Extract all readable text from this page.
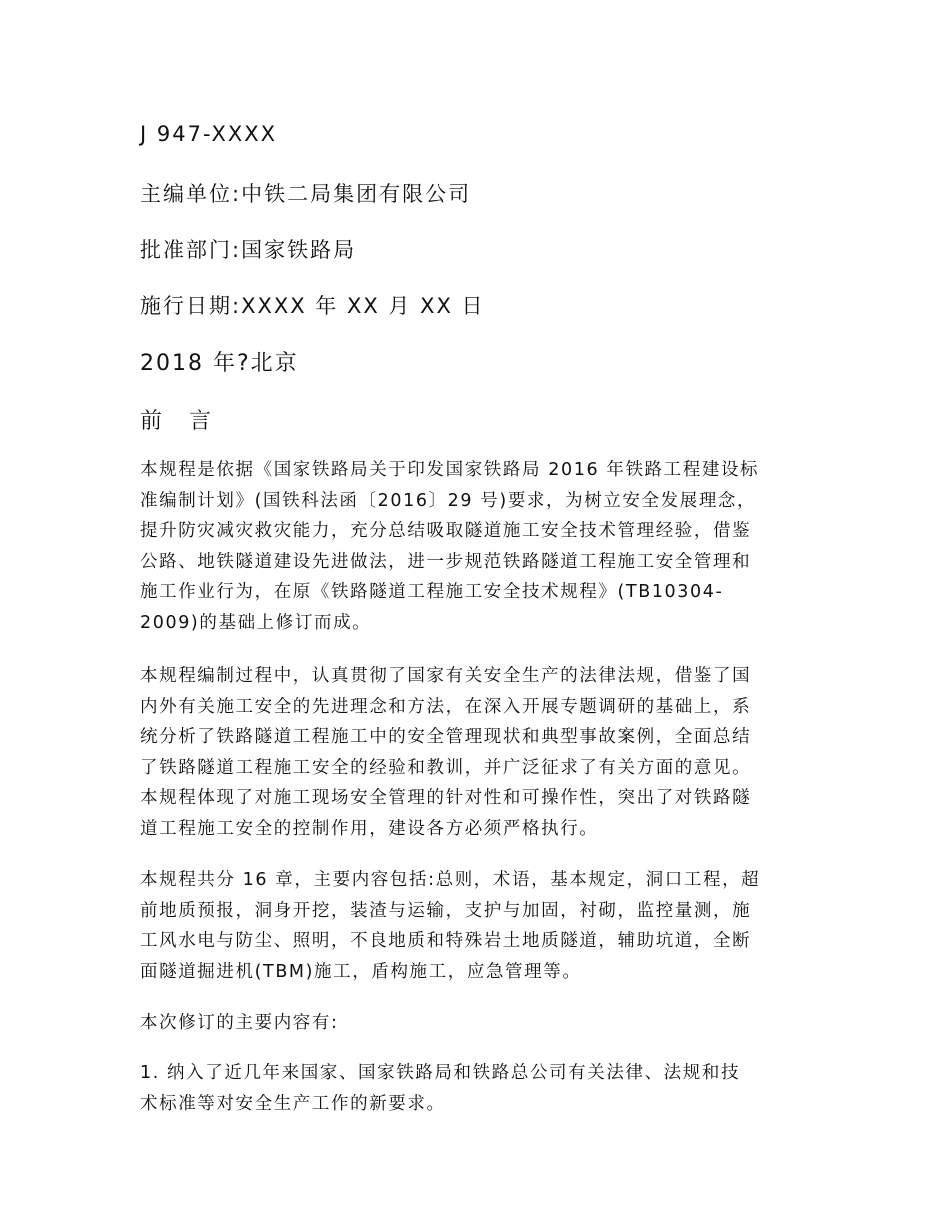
J 947-XXXX
主编单位:中铁二局集团有限公司
批准部门:国家铁路局
施行日期:XXXX 年 XX 月 XX 日
2018 年?北京
前 言
本规程是依据《国家铁路局关于印发国家铁路局 2016 年铁路工程建设标
准编制计划》(国铁科法函〔2016〕29 号)要求，为树立安全发展理念，
提升防灾减灾救灾能力，充分总结吸取隧道施工安全技术管理经验，借鉴
公路、地铁隧道建设先进做法，进一步规范铁路隧道工程施工安全管理和
施工作业行为，在原《铁路隧道工程施工安全技术规程》(TB10304-
2009)的基础上修订而成。
本规程编制过程中，认真贯彻了国家有关安全生产的法律法规，借鉴了国
内外有关施工安全的先进理念和方法，在深入开展专题调研的基础上，系
统分析了铁路隧道工程施工中的安全管理现状和典型事故案例，全面总结
了铁路隧道工程施工安全的经验和教训，并广泛征求了有关方面的意见。
本规程体现了对施工现场安全管理的针对性和可操作性，突出了对铁路隧
道工程施工安全的控制作用，建设各方必须严格执行。
本规程共分 16 章，主要内容包括:总则，术语，基本规定，洞口工程，超
前地质预报，洞身开挖，装渣与运输，支护与加固，衬砌，监控量测，施
工风水电与防尘、照明，不良地质和特殊岩土地质隧道，辅助坑道，全断
面隧道掘进机(TBM)施工，盾构施工，应急管理等。
本次修订的主要内容有:
1. 纳入了近几年来国家、国家铁路局和铁路总公司有关法律、法规和技
术标准等对安全生产工作的新要求。
